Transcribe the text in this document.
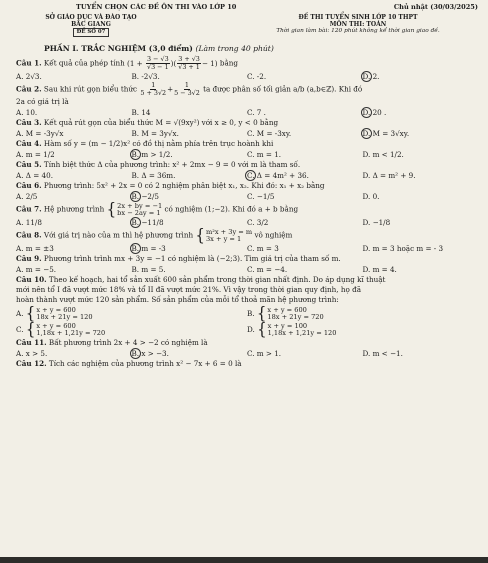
TUYỂN CHỌN CÁC ĐỀ ÔN THI VÀO LỚP 10	Chủ nhật (30/03/2025)
SỞ GIÁO DỤC VÀ ĐÀO TẠO
BẮC GIANG
ĐỀ SỐ 07
ĐỀ THI TUYỂN SINH LỚP 10 THPT
MÔN THI: TOÁN
Thời gian làm bài: 120 phút không kể thời gian giao đề.
PHẦN I. TRẮC NGHIỆM (3,0 điểm) (Làm trong 40 phút)
Câu 1. Kết quả của phép tính ($1 + \frac{3 - √3}{√3 - 1}$ )( $\frac{3 + √3}{√3 + 1} - 1$) bằng
A. 2√3.	B. -2√3.	C. -2.	D. 2.
Câu 2. Sau khi rút gọn biểu thức $\frac{1}{5 + 3√2} + \frac{1}{5 - 3√2}$ ta được phân số tối giản a/b (a,b∈ℤ). Khi đó
2a có giá trị là
A. 10.	B. 14	C. 7 .	D. 20 .
Câu 3. Kết quả rút gọn của biểu thức M = √(9xy²) với x ≥ 0, y < 0 bằng
A. M = -3y√x	B. M = 3y√x.	C. M = -3xy.	D. M = 3√xy.
Câu 4. Hàm số y = (m − 1/2)x² có đồ thị nằm phía trên trục hoành khi
A. m = 1/2	B. m > 1/2.	C. m = 1.	D. m < 1/2.
Câu 5. Tính biệt thức Δ của phương trình: x² + 2mx − 9 = 0 với m là tham số.
A. Δ = 40.	B. Δ = 36m.	C. Δ = 4m² + 36.	D. Δ = m² + 9.
Câu 6. Phương trình: 5x² + 2x = 0 có 2 nghiệm phân biệt x₁, x₂. Khi đó: x₁ + x₂ bằng
A. 2/5	B. −2/5	C. −1/5	D. 0.
Câu 7. Hệ phương trình { 2x + by = −1
bx − 2ay = 1 có nghiệm (1;−2). Khi đó a + b bằng
A. 11/8	B. −11/8	C. 3/2	D. −1/8
Câu 8. Với giá trị nào của m thì hệ phương trình { m²x + 3y = m
3x + y = 1	vô nghiệm
A. m = ±3	B. m = -3	C. m = 3	D. m = 3 hoặc m = - 3
Câu 9. Phương trình trình mx + 3y = −1 có nghiệm là (−2;3). Tìm giá trị của tham số m.
A. m = −5.	B. m = 5.	C. m = −4.	D. m = 4.
Câu 10. Theo kế hoạch, hai tổ sản xuất 600 sản phẩm trong thời gian nhất định. Do áp dụng kĩ thuật
mới nên tổ I đã vượt mức 18% và tổ II đã vượt mức 21%. Vì vậy trong thời gian quy định, họ đã
hoàn thành vượt mức 120 sản phẩm. Số sản phẩm của mỗi tổ thoả mãn hệ phương trình:
A. { x + y = 600
18x + 21y = 120	B. { x + y = 600
18x + 21y = 720
C. { x + y = 600
1,18x + 1,21y = 720	D. { x + y = 100
1,18x + 1,21y = 120
Câu 11. Bất phương trình 2x + 4 > −2 có nghiệm là
A. x > 5.	B. x > −3.	C. m > 1.	D. m < −1.
Câu 12. Tích các nghiệm của phương trình x² − 7x + 6 = 0 là
